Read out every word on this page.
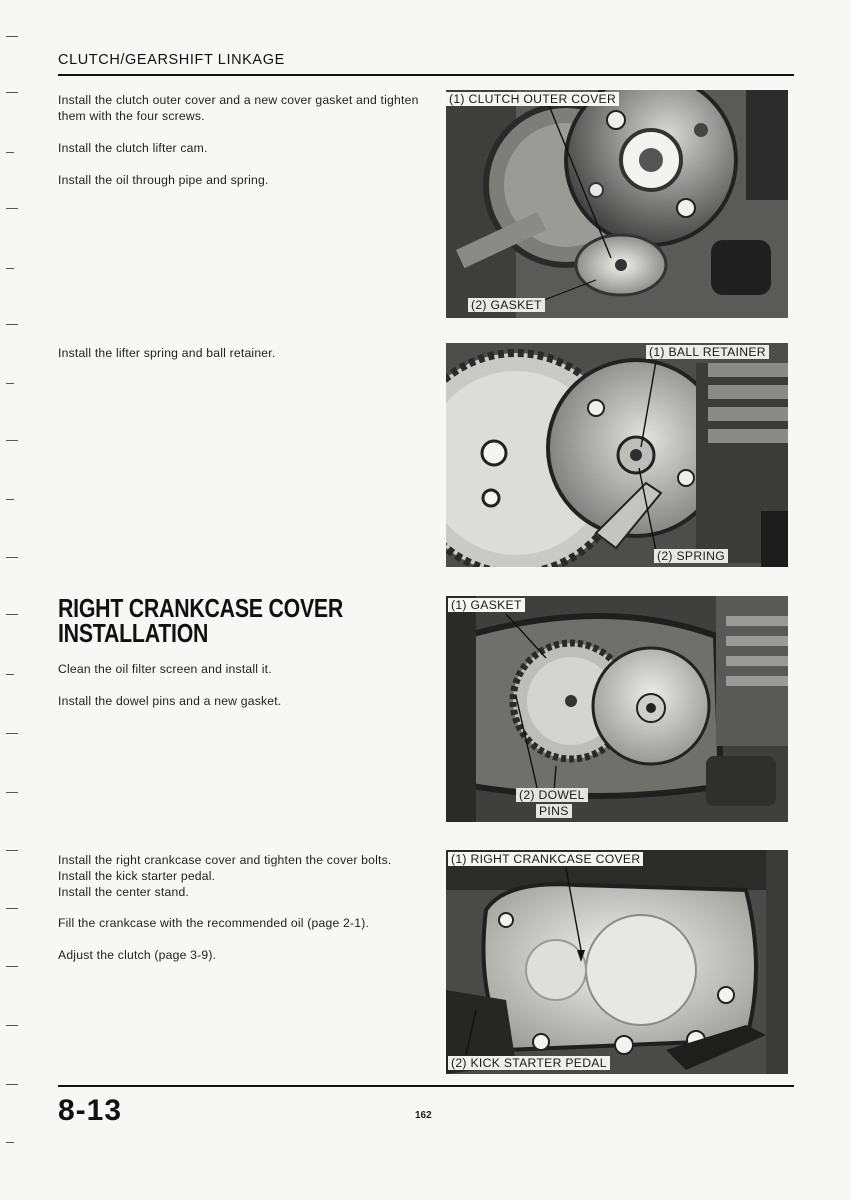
CLUTCH/GEARSHIFT LINKAGE
Install the clutch outer cover and a new cover gasket and tighten them with the four screws.
Install the clutch lifter cam.
Install the oil through pipe and spring.
(1) CLUTCH OUTER COVER
(2) GASKET
Install the lifter spring and ball retainer.	(1) BALL RETAINER
(2) SPRING
RIGHT CRANKCASE COVER INSTALLATION
Clean the oil filter screen and install it.
Install the dowel pins and a new gasket.
(1) GASKET
(2) DOWEL
PINS
Install the right crankcase cover and tighten the cover bolts.
Install the kick starter pedal.
Install the center stand.
Fill the crankcase with the recommended oil (page 2-1).
Adjust the clutch (page 3-9).
(1) RIGHT CRANKCASE COVER
(2) KICK STARTER PEDAL
8-13	162
